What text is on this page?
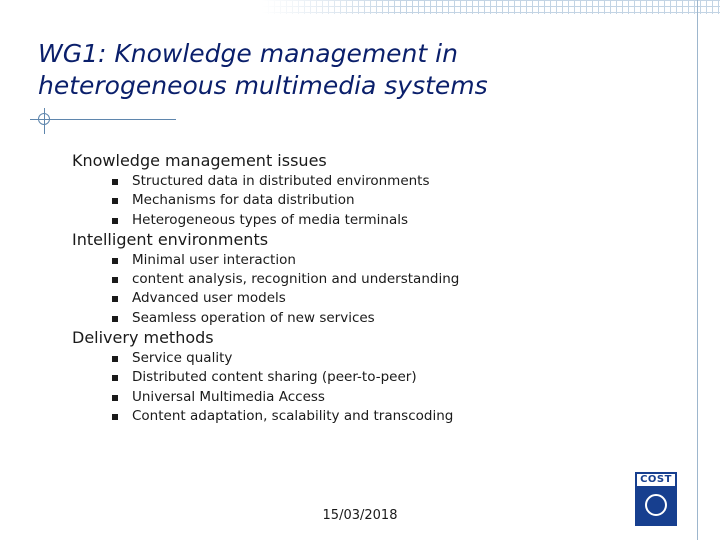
WG1: Knowledge management in
heterogeneous multimedia systems

Knowledge management issues

Structured data in distributed environments
Mechanisms for data distribution
Heterogeneous types of media terminals

Intelligent environments

Minimal user interaction
content analysis, recognition and understanding
Advanced user models
Seamless operation of new services

Delivery methods

Service quality
Distributed content sharing (peer-to-peer)
Universal Multimedia Access
Content adaptation, scalability and transcoding
15/03/2018
COST
